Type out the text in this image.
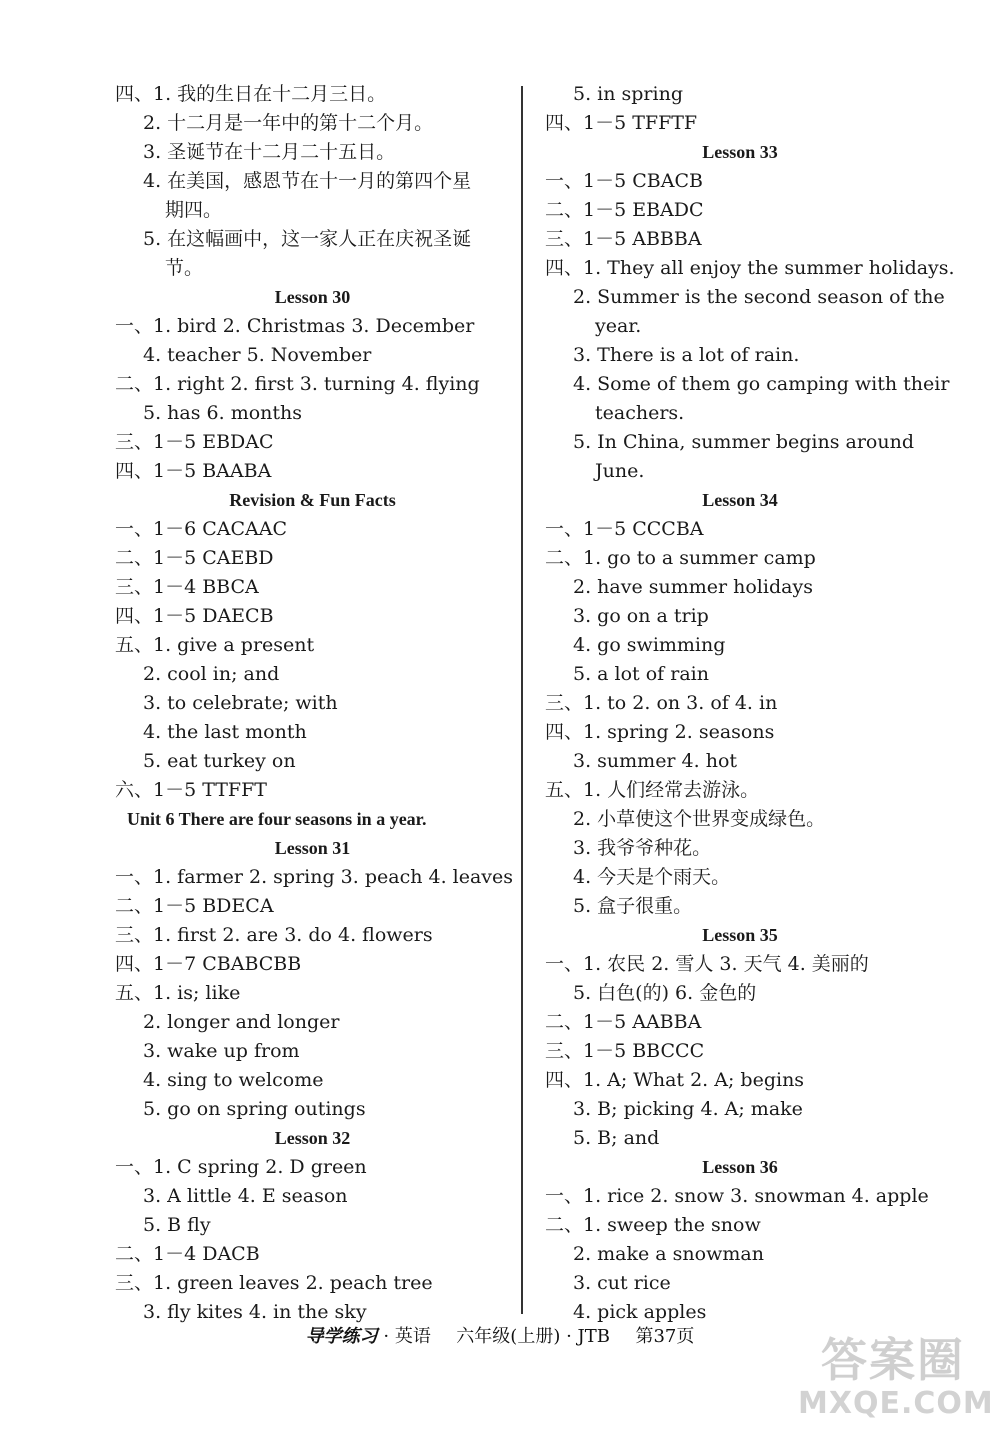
四、1. 我的生日在十二月三日。
2. 十二月是一年中的第十二个月。
3. 圣诞节在十二月二十五日。
4. 在美国，感恩节在十一月的第四个星
期四。
5. 在这幅画中，这一家人正在庆祝圣诞
节。
Lesson 30
一、1. bird 2. Christmas 3. December
4. teacher 5. November
二、1. right 2. first 3. turning 4. flying
5. has 6. months
三、1－5 EBDAC
四、1－5 BAABA
Revision & Fun Facts
一、1－6 CACAAC
二、1－5 CAEBD
三、1－4 BBCA
四、1－5 DAECB
五、1. give a present
2. cool in; and
3. to celebrate; with
4. the last month
5. eat turkey on
六、1－5 TTFFT
Unit 6 There are four seasons in a year.
Lesson 31
一、1. farmer 2. spring 3. peach 4. leaves
二、1－5 BDECA
三、1. first 2. are 3. do 4. flowers
四、1－7 CBABCBB
五、1. is; like
2. longer and longer
3. wake up from
4. sing to welcome
5. go on spring outings
Lesson 32
一、1. C spring 2. D green
3. A little 4. E season
5. B fly
二、1－4 DACB
三、1. green leaves 2. peach tree
3. fly kites 4. in the sky
5. in spring
四、1－5 TFFTF
Lesson 33
一、1－5 CBACB
二、1－5 EBADC
三、1－5 ABBBA
四、1. They all enjoy the summer holidays.
2. Summer is the second season of the
year.
3. There is a lot of rain.
4. Some of them go camping with their
teachers.
5. In China, summer begins around
June.
Lesson 34
一、1－5 CCCBA
二、1. go to a summer camp
2. have summer holidays
3. go on a trip
4. go swimming
5. a lot of rain
三、1. to 2. on 3. of 4. in
四、1. spring 2. seasons
3. summer 4. hot
五、1. 人们经常去游泳。
2. 小草使这个世界变成绿色。
3. 我爷爷种花。
4. 今天是个雨天。
5. 盒子很重。
Lesson 35
一、1. 农民 2. 雪人 3. 天气 4. 美丽的
5. 白色(的) 6. 金色的
二、1－5 AABBA
三、1－5 BBCCC
四、1. A; What 2. A; begins
3. B; picking 4. A; make
5. B; and
Lesson 36
一、1. rice 2. snow 3. snowman 4. apple
二、1. sweep the snow
2. make a snowman
3. cut rice
4. pick apples
导学练习 · 英语 六年级(上册) · JTB 第37页	答案圈
MXQE.COM
